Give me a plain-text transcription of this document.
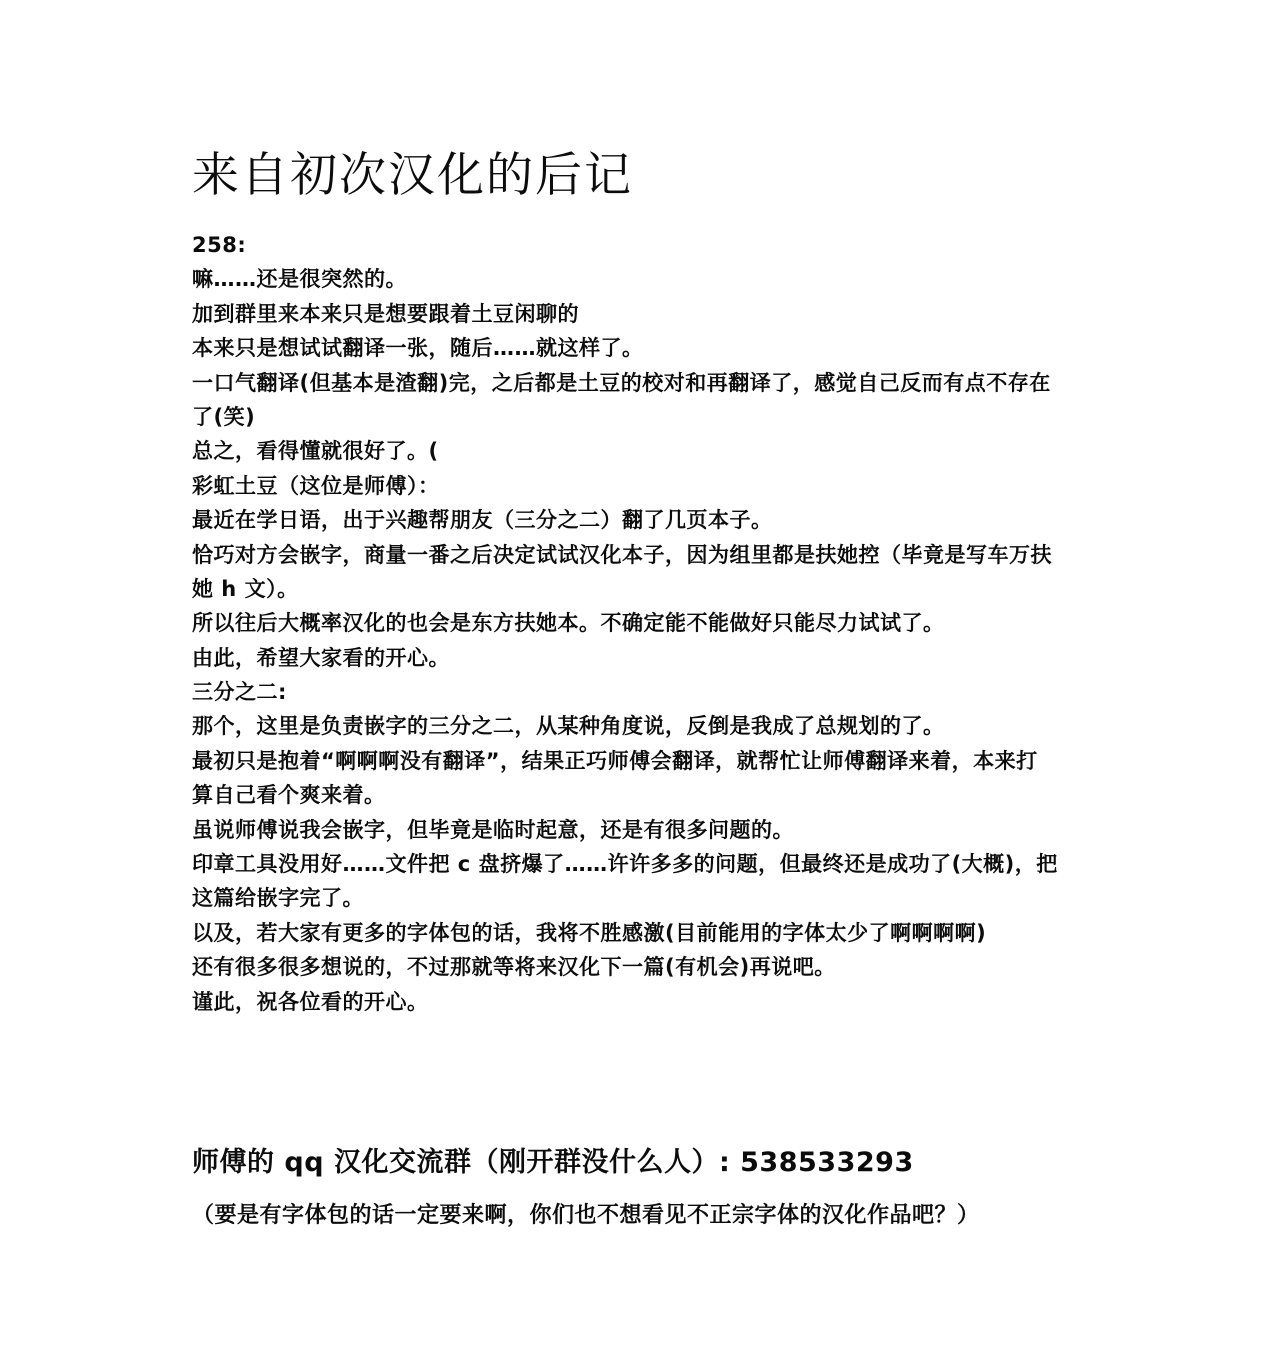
来自初次汉化的后记
258:
嘛……还是很突然的。
加到群里来本来只是想要跟着土豆闲聊的
本来只是想试试翻译一张，随后……就这样了。
一口气翻译(但基本是渣翻)完，之后都是土豆的校对和再翻译了，感觉自己反而有点不存在
了(笑)
总之，看得懂就很好了。(
彩虹土豆（这位是师傅）：
最近在学日语，出于兴趣帮朋友（三分之二）翻了几页本子。
恰巧对方会嵌字，商量一番之后决定试试汉化本子，因为组里都是扶她控（毕竟是写车万扶
她 h 文）。
所以往后大概率汉化的也会是东方扶她本。不确定能不能做好只能尽力试试了。
由此，希望大家看的开心。
三分之二:
那个，这里是负责嵌字的三分之二，从某种角度说，反倒是我成了总规划的了。
最初只是抱着“啊啊啊没有翻译”，结果正巧师傅会翻译，就帮忙让师傅翻译来着，本来打
算自己看个爽来着。
虽说师傅说我会嵌字，但毕竟是临时起意，还是有很多问题的。
印章工具没用好……文件把 c 盘挤爆了……许许多多的问题，但最终还是成功了(大概)，把
这篇给嵌字完了。
以及，若大家有更多的字体包的话，我将不胜感激(目前能用的字体太少了啊啊啊啊)
还有很多很多想说的，不过那就等将来汉化下一篇(有机会)再说吧。
谨此，祝各位看的开心。
师傅的 qq 汉化交流群（刚开群没什么人）: 538533293
（要是有字体包的话一定要来啊，你们也不想看见不正宗字体的汉化作品吧？）
